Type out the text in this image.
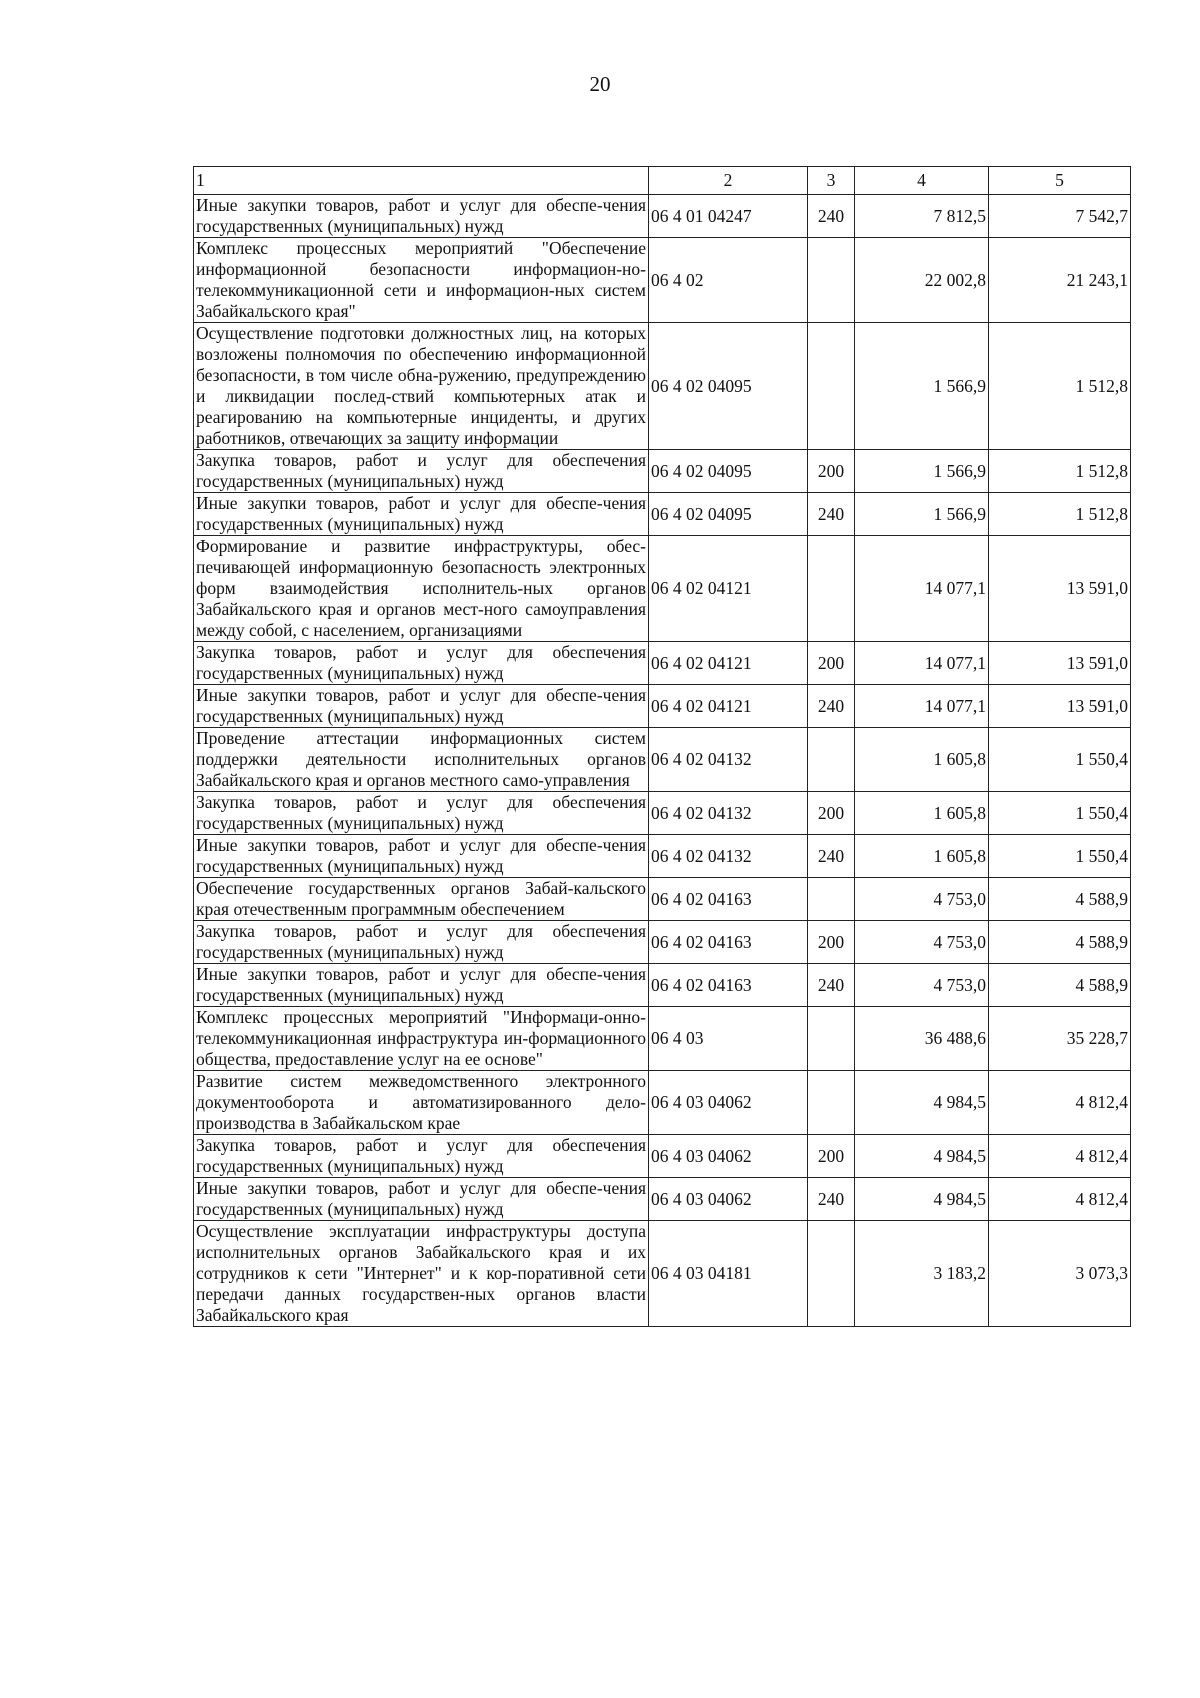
20
1	2	3	4	5
Иные закупки товаров, работ и услуг для обеспе-чения государственных (муниципальных) нужд	06 4 01 04247	240	7 812,5	7 542,7
Комплекс процессных мероприятий "Обеспечение информационной безопасности информацион-но-телекоммуникационной сети и информацион-ных систем Забайкальского края"	06 4 02		22 002,8	21 243,1
Осуществление подготовки должностных лиц, на которых возложены полномочия по обеспечению информационной безопасности, в том числе обна-ружению, предупреждению и ликвидации послед-ствий компьютерных атак и реагированию на компьютерные инциденты, и других работников, отвечающих за защиту информации	06 4 02 04095		1 566,9	1 512,8
Закупка товаров, работ и услуг для обеспечения государственных (муниципальных) нужд	06 4 02 04095	200	1 566,9	1 512,8
Иные закупки товаров, работ и услуг для обеспе-чения государственных (муниципальных) нужд	06 4 02 04095	240	1 566,9	1 512,8
Формирование и развитие инфраструктуры, обес-печивающей информационную безопасность электронных форм взаимодействия исполнитель-ных органов Забайкальского края и органов мест-ного самоуправления между собой, с населением, организациями	06 4 02 04121		14 077,1	13 591,0
Закупка товаров, работ и услуг для обеспечения государственных (муниципальных) нужд	06 4 02 04121	200	14 077,1	13 591,0
Иные закупки товаров, работ и услуг для обеспе-чения государственных (муниципальных) нужд	06 4 02 04121	240	14 077,1	13 591,0
Проведение аттестации информационных систем поддержки деятельности исполнительных органов Забайкальского края и органов местного само-управления	06 4 02 04132		1 605,8	1 550,4
Закупка товаров, работ и услуг для обеспечения государственных (муниципальных) нужд	06 4 02 04132	200	1 605,8	1 550,4
Иные закупки товаров, работ и услуг для обеспе-чения государственных (муниципальных) нужд	06 4 02 04132	240	1 605,8	1 550,4
Обеспечение государственных органов Забай-кальского края отечественным программным обеспечением	06 4 02 04163		4 753,0	4 588,9
Закупка товаров, работ и услуг для обеспечения государственных (муниципальных) нужд	06 4 02 04163	200	4 753,0	4 588,9
Иные закупки товаров, работ и услуг для обеспе-чения государственных (муниципальных) нужд	06 4 02 04163	240	4 753,0	4 588,9
Комплекс процессных мероприятий "Информаци-онно-телекоммуникационная инфраструктура ин-формационного общества, предоставление услуг на ее основе"	06 4 03		36 488,6	35 228,7
Развитие систем межведомственного электронного документооборота и автоматизированного дело-производства в Забайкальском крае	06 4 03 04062		4 984,5	4 812,4
Закупка товаров, работ и услуг для обеспечения государственных (муниципальных) нужд	06 4 03 04062	200	4 984,5	4 812,4
Иные закупки товаров, работ и услуг для обеспе-чения государственных (муниципальных) нужд	06 4 03 04062	240	4 984,5	4 812,4
Осуществление эксплуатации инфраструктуры доступа исполнительных органов Забайкальского края и их сотрудников к сети "Интернет" и к кор-поративной сети передачи данных государствен-ных органов власти Забайкальского края	06 4 03 04181		3 183,2	3 073,3
